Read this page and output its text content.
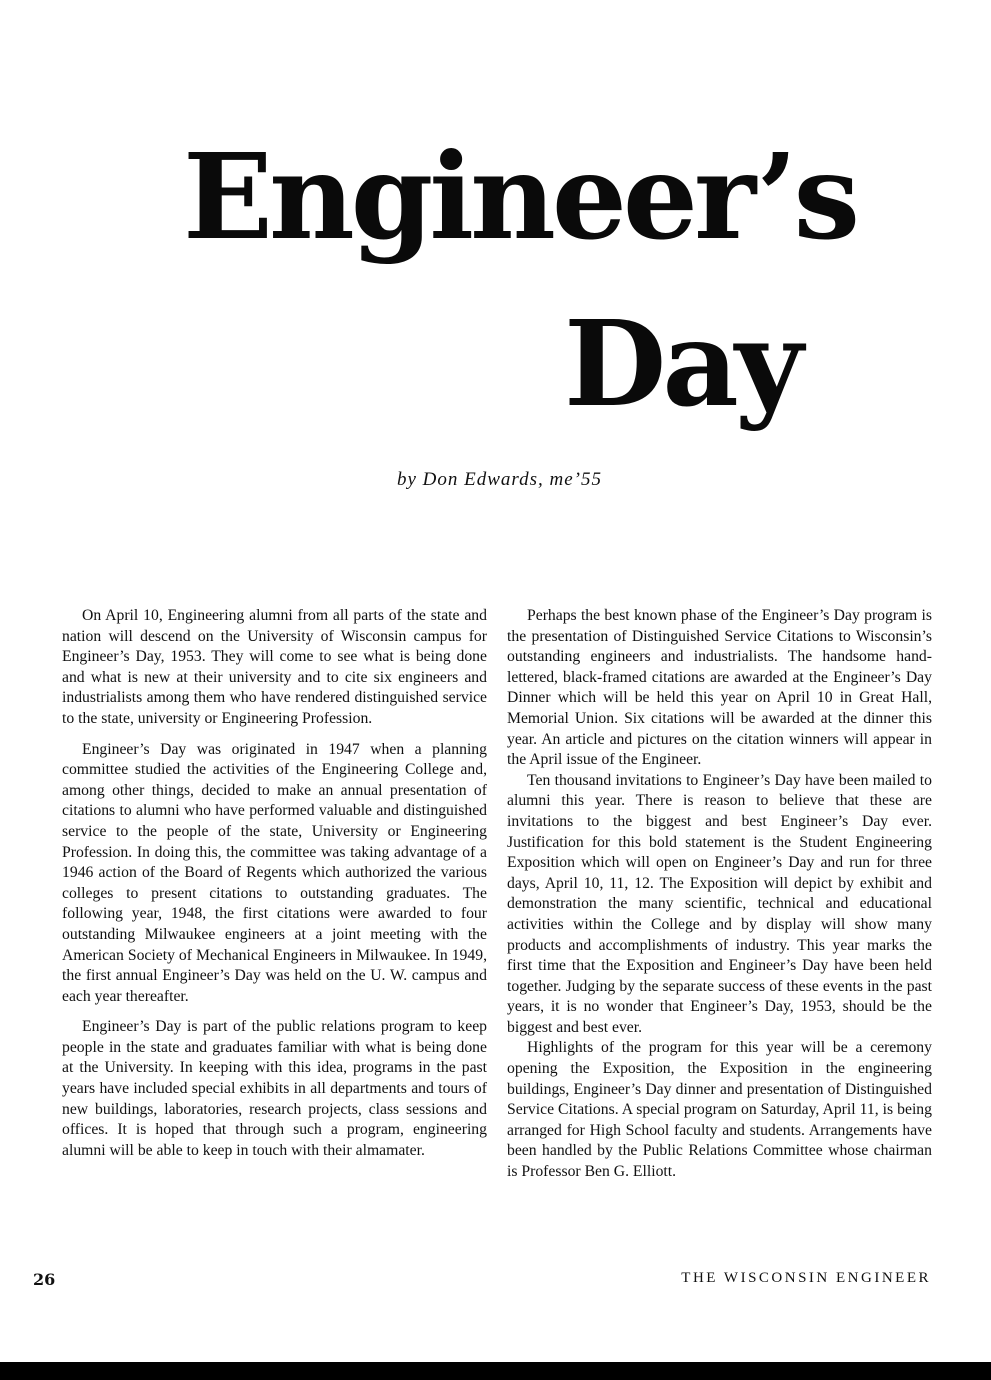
Engineer’s
Day
by Don Edwards, me’55

On April 10, Engineering alumni from all parts of the state and nation will descend on the University of Wisconsin campus for Engineer’s Day, 1953. They will come to see what is being done and what is new at their university and to cite six engineers and industrialists among them who have rendered distinguished service to the state, university or Engineering Profession.

Engineer’s Day was originated in 1947 when a planning committee studied the activities of the Engineering College and, among other things, decided to make an annual presentation of citations to alumni who have performed valuable and distinguished service to the people of the state, University or Engineering Profession. In doing this, the committee was taking advantage of a 1946 action of the Board of Regents which authorized the various colleges to present citations to outstanding graduates. The following year, 1948, the first citations were awarded to four outstanding Milwaukee engineers at a joint meeting with the American Society of Mechanical Engineers in Milwaukee. In 1949, the first annual Engineer’s Day was held on the U. W. campus and each year thereafter.

Engineer’s Day is part of the public relations program to keep people in the state and graduates familiar with what is being done at the University. In keeping with this idea, programs in the past years have included special exhibits in all departments and tours of new buildings, laboratories, research projects, class sessions and offices. It is hoped that through such a program, engineering alumni will be able to keep in touch with their almamater.

Perhaps the best known phase of the Engineer’s Day program is the presentation of Distinguished Service Citations to Wisconsin’s outstanding engineers and industrialists. The handsome hand-lettered, black-framed citations are awarded at the Engineer’s Day Dinner which will be held this year on April 10 in Great Hall, Memorial Union. Six citations will be awarded at the dinner this year. An article and pictures on the citation winners will appear in the April issue of the Engineer.

Ten thousand invitations to Engineer’s Day have been mailed to alumni this year. There is reason to believe that these are invitations to the biggest and best Engineer’s Day ever. Justification for this bold statement is the Student Engineering Exposition which will open on Engineer’s Day and run for three days, April 10, 11, 12. The Exposition will depict by exhibit and demonstration the many scientific, technical and educational activities within the College and by display will show many products and accomplishments of industry. This year marks the first time that the Exposition and Engineer’s Day have been held together. Judging by the separate success of these events in the past years, it is no wonder that Engineer’s Day, 1953, should be the biggest and best ever.

Highlights of the program for this year will be a ceremony opening the Exposition, the Exposition in the engineering buildings, Engineer’s Day dinner and presentation of Distinguished Service Citations. A special program on Saturday, April 11, is being arranged for High School faculty and students. Arrangements have been handled by the Public Relations Committee whose chairman is Professor Ben G. Elliott.

26	THE WISCONSIN ENGINEER
